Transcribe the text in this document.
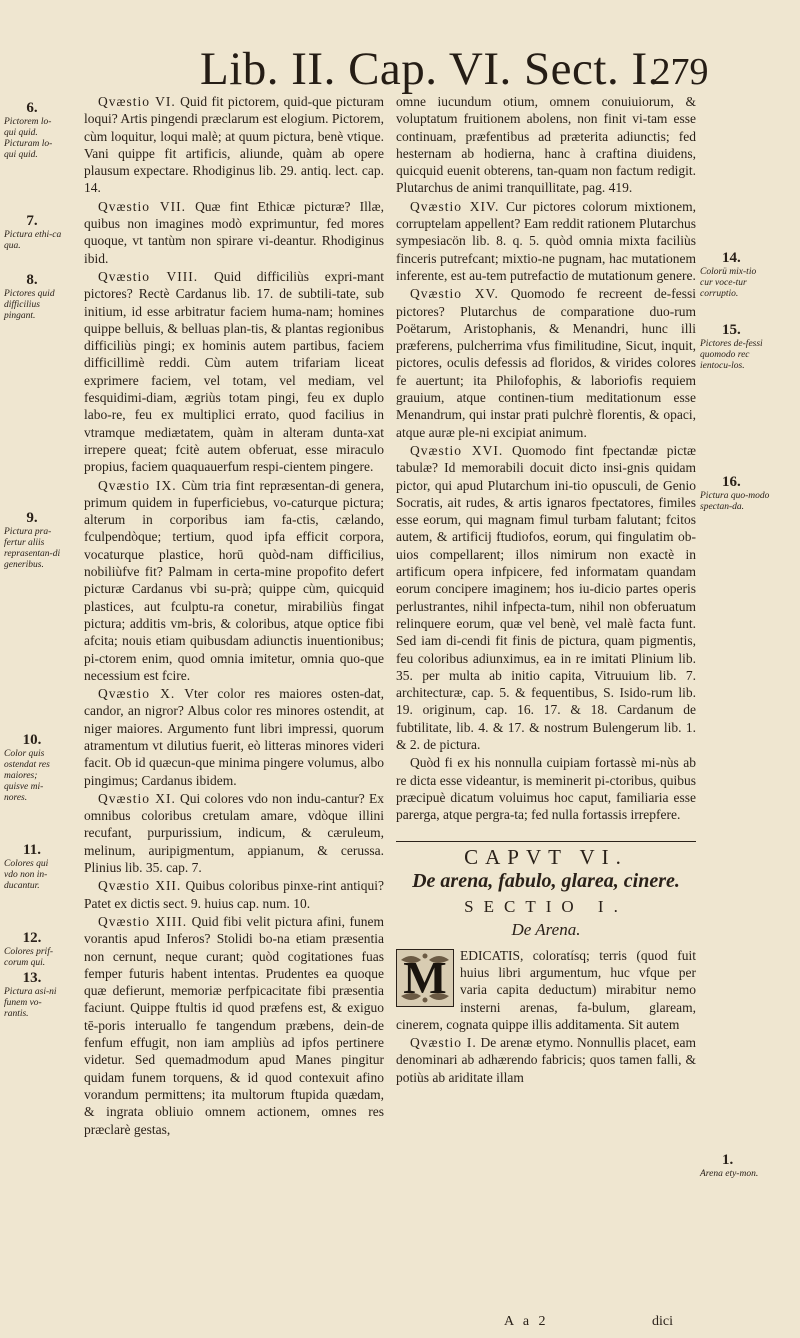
Lib. II. Cap. VI. Sect. I.
279
6.
Pictorem lo-qui quid. Picturam lo-qui quid.
7.
Pictura ethi-ca qua.
8.
Pictores quid difficilius pingant.
9.
Pictura pra-fertur aliis reprasentan-di generibus.
10.
Color quis ostendat res maiores; quisve mi-nores.
11.
Colores qui vdo non in-ducantur.
12.
Colores prif-corum qui.
13.
Pictura asi-ni funem vo-rantis.
14.
Colorü mix-tio cur voce-tur corruptio.
15.
Pictores de-fessi quomodo rec ientocu-los.
16.
Pictura quo-modo spectan-da.
1.
Arena ety-mon.

Qvæstio VI. Quid fit pictorem, quid-que picturam loqui? Artis pingendi præclarum est elogium. Pictorem, cùm loquitur, loqui malè; at quum pictura, benè vtique. Vani quippe fit artificis, aliunde, quàm ab opere plausum expectare. Rhodiginus lib. 29. antiq. lect. cap. 14.

Qvæstio VII. Quæ fint Ethicæ picturæ? Illæ, quibus non imagines modò exprimuntur, fed mores quoque, vt tantùm non spirare vi-deantur. Rhodiginus ibid.

Qvæstio VIII. Quid difficiliùs expri-mant pictores? Rectè Cardanus lib. 17. de subtili-tate, sub initium, id esse arbitratur faciem huma-nam; homines quippe belluis, & belluas plan-tis, & plantas regionibus difficiliùs pingi; ex hominis autem partibus, faciem difficillimè reddi. Cùm autem trifariam liceat exprimere faciem, vel totam, vel mediam, vel fesquidimi-diam, ægriùs totam pingi, feu ex duplo labo-re, feu ex multiplici errato, quod facilius in vtramque mediætatem, quàm in alteram dunta-xat irrepere queat; fcitè autem obferuat, esse miraculo propius, faciem quaquauerfum respi-cientem pingere.

Qvæstio IX. Cùm tria fint repræsentan-di genera, primum quidem in fuperficiebus, vo-caturque pictura; alterum in corporibus iam fa-ctis, cælando, fculpendòque; tertium, quod ipfa efficit corpora, vocaturque plastice, horū quòd-nam difficilius, nobiliùfve fit? Palmam in certa-mine propofito defert picturæ Cardanus vbi su-prà; quippe cùm, quicquid plastices, aut fculptu-ra conetur, mirabiliùs fingat pictura; additis vm-bris, & coloribus, atque optice fibi afcita; nouis etiam quibusdam adiunctis inuentionibus; pi-ctorem enim, quod omnia imitetur, omnia quo-que necessium est fcire.

Qvæstio X. Vter color res maiores osten-dat, candor, an nigror? Albus color res minores ostendit, at niger maiores. Argumento funt libri impressi, quorum atramentum vt dilutius fuerit, eò litteras minores videri facit. Ob id quæcun-que minima pingere volumus, albo pingimus; Cardanus ibidem.

Qvæstio XI. Qui colores vdo non indu-cantur? Ex omnibus coloribus cretulam amare, vdòque illini recufant, purpurissium, indicum, & cæruleum, melinum, auripigmentum, appianum, & cerussa. Plinius lib. 35. cap. 7.

Qvæstio XII. Quibus coloribus pinxe-rint antiqui? Patet ex dictis sect. 9. huius cap. num. 10.

Qvæstio XIII. Quid fibi velit pictura afini, funem vorantis apud Inferos? Stolidi bo-na etiam præsentia non cernunt, neque curant; quòd cogitationes fuas femper futuris habent intentas. Prudentes ea quoque quæ defierunt, memoriæ perfpicacitate fibi præsentia faciunt. Quippe ftultis id quod præfens est, & exiguo tē-poris interuallo fe tangendum præbens, dein-de fenfum effugit, non iam ampliùs ad ipfos pertinere videtur. Sed quemadmodum apud Manes pingitur quidam funem torquens, & id quod contexuit afino vorandum permittens; ita multorum ftupida quædam, & ingrata obliuio omnem actionem, omnes res præclarè gestas,

omne iucundum otium, omnem conuiuiorum, & voluptatum fruitionem abolens, non finit vi-tam esse continuam, præfentibus ad præterita adiunctis; fed hesternam ab hodierna, hanc à craftina diuidens, quicquid euenit obterens, tan-quam non factum redigit. Plutarchus de animi tranquillitate, pag. 419.

Qvæstio XIV. Cur pictores colorum mixtionem, corruptelam appellent? Eam reddit rationem Plutarchus sympesiacön lib. 8. q. 5. quòd omnia mixta faciliùs finceris putrefcant; mixtio-ne pugnam, hac mutationem inferente, est au-tem putrefactio de mutationum genere.

Qvæstio XV. Quomodo fe recreent de-fessi pictores? Plutarchus de comparatione duo-rum Poëtarum, Aristophanis, & Menandri, hunc illi præferens, pulcherrima vfus fimilitudine, Sicut, inquit, pictores, oculis defessis ad floridos, & virides colores fe auertunt; ita Philofophis, & laboriofis requiem grauium, atque continen-tium meditationum esse Menandrum, qui instar prati pulchrè florentis, & opaci, atque auræ ple-ni excipiat animum.

Qvæstio XVI. Quomodo fint fpectandæ pictæ tabulæ? Id memorabili docuit dicto insi-gnis quidam pictor, qui apud Plutarchum ini-tio opusculi, de Genio Socratis, ait rudes, & artis ignaros fpectatores, fimiles esse eorum, qui magnam fimul turbam falutant; fcitos autem, & artificij ftudiofos, eorum, qui fingulatim ob-uios compellarent; illos nimirum non exactè in artificum opera infpicere, fed informatam quandam eorum concipere imaginem; hos iu-dicio partes operis perlustrantes, nihil infpecta-tum, nihil non obferuatum relinquere eorum, quæ vel benè, vel malè facta funt. Sed iam di-cendi fit finis de pictura, quam pigmentis, feu coloribus adiunximus, ea in re imitati Plinium lib. 35. per multa ab initio capita, Vitruuium lib. 7. architecturæ, cap. 5. & fequentibus, S. Isido-rum lib. 19. originum, cap. 16. 17. & 18. Cardanum de fubtilitate, lib. 4. & 17. & nostrum Bulengerum lib. 1. & 2. de pictura.

Quòd fi ex his nonnulla cuipiam fortassè mi-nùs ab re dicta esse videantur, is meminerit pi-ctoribus, quibus præcipuè dicatum voluimus hoc caput, familiaria esse parerga, atque pergra-ta; fed nulla fortassis irrepfere.

CAPVT VI.
De arena, fabulo, glarea, cinere.
SECTIO I.
De Arena.
M EDICATIS, coloratísq; terris (quod fuit huius libri argumentum, huc vfque per varia capita deductum) mirabitur nemo insterni arenas, fa-bulum, glaream, cinerem, cognata quippe illis additamenta. Sit autem

Qvæstio I. De arenæ etymo. Nonnullis placet, eam denominari ab adhærendo fabricis; quos tamen falli, & potiùs ab ariditate illam

A a 2	dici
